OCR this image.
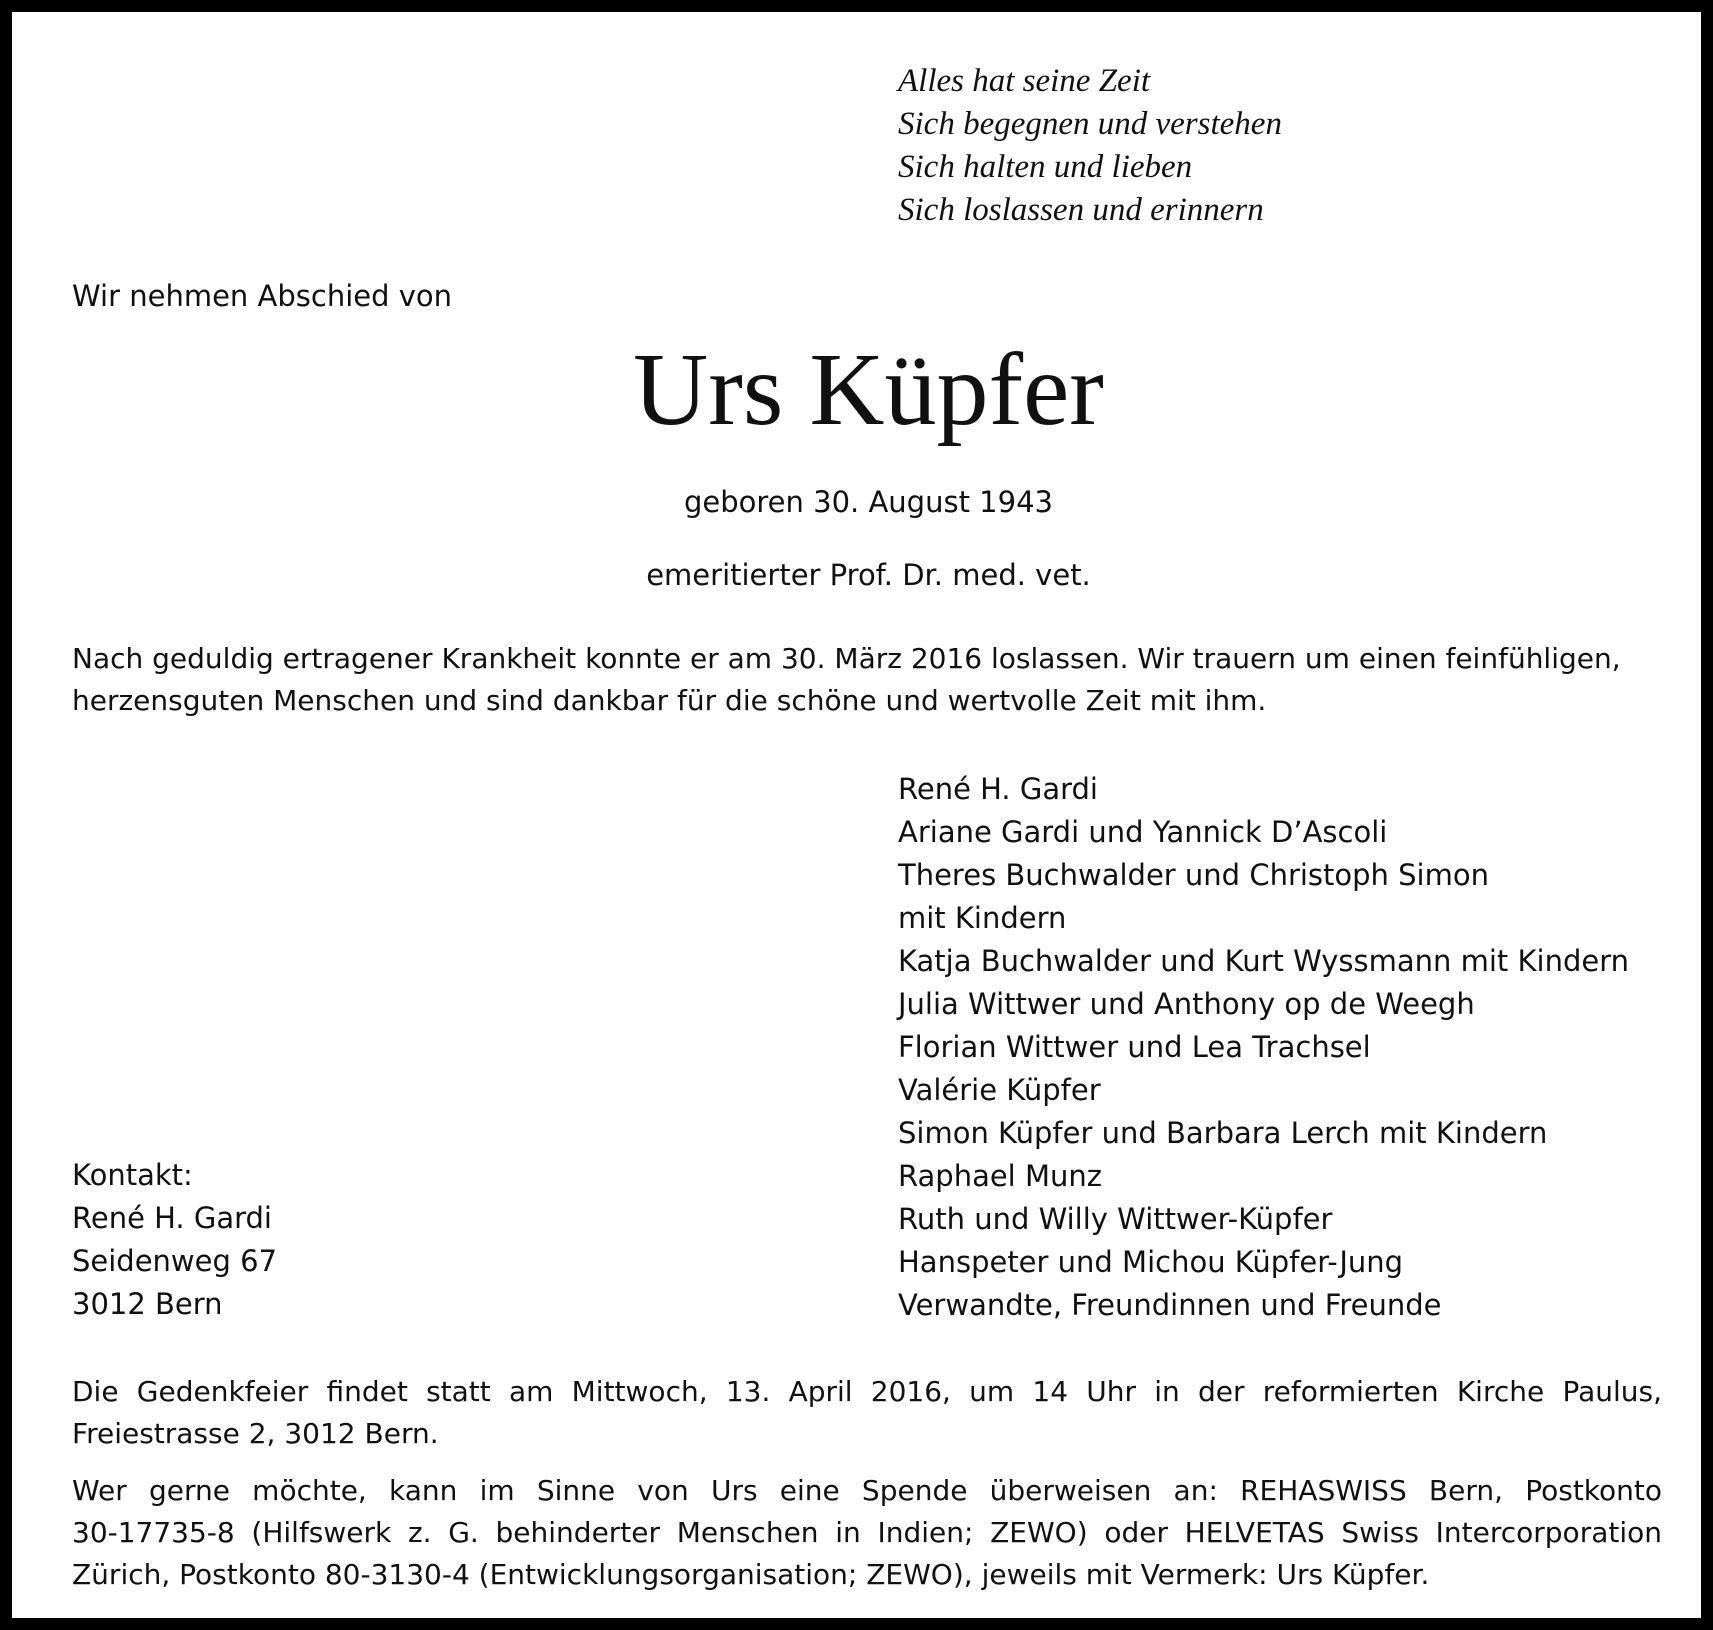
Alles hat seine Zeit
Sich begegnen und verstehen
Sich halten und lieben
Sich loslassen und erinnern
Wir nehmen Abschied von
Urs Küpfer
geboren 30. August 1943
emeritierter Prof. Dr. med. vet.
Nach geduldig ertragener Krankheit konnte er am 30. März 2016 loslassen. Wir trauern um einen feinfühligen,
herzensguten Menschen und sind dankbar für die schöne und wertvolle Zeit mit ihm.
René H. Gardi
Ariane Gardi und Yannick D’Ascoli
Theres Buchwalder und Christoph Simon
mit Kindern
Katja Buchwalder und Kurt Wyssmann mit Kindern
Julia Wittwer und Anthony op de Weegh
Florian Wittwer und Lea Trachsel
Valérie Küpfer
Simon Küpfer und Barbara Lerch mit Kindern
Raphael Munz
Ruth und Willy Wittwer-Küpfer
Hanspeter und Michou Küpfer-Jung
Verwandte, Freundinnen und Freunde
Kontakt:
René H. Gardi
Seidenweg 67
3012 Bern
Die Gedenkfeier findet statt am Mittwoch, 13. April 2016, um 14 Uhr in der reformierten Kirche Paulus,
Freiestrasse 2, 3012 Bern.
Wer gerne möchte, kann im Sinne von Urs eine Spende überweisen an: REHASWISS Bern, Postkonto
30-17735-8 (Hilfswerk z. G. behinderter Menschen in Indien; ZEWO) oder HELVETAS Swiss Intercorporation
Zürich, Postkonto 80-3130-4 (Entwicklungsorganisation; ZEWO), jeweils mit Vermerk: Urs Küpfer.
